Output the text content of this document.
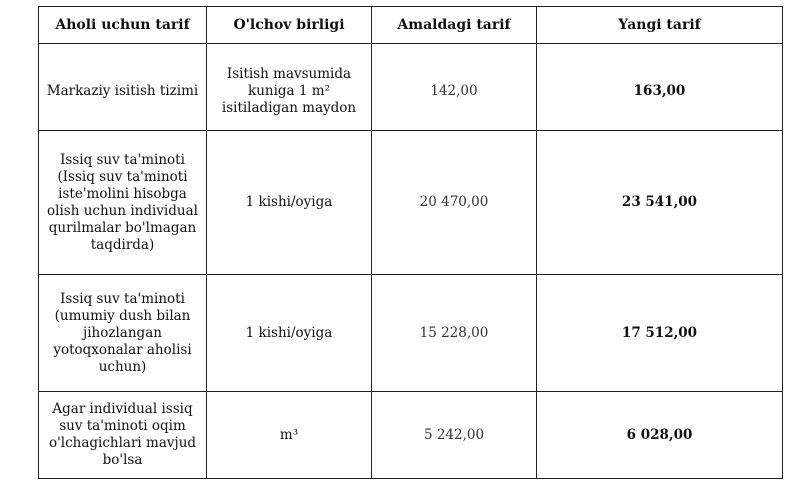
Aholi uchun tarif	O'lchov birligi	Amaldagi tarif	Yangi tarif
Markaziy isitish tizimi	Isitish mavsumida kuniga 1 m² isitiladigan maydon	142,00	163,00
Issiq suv ta'minoti (Issiq suv ta'minoti iste'molini hisobga olish uchun individual qurilmalar bo'lmagan taqdirda)	1 kishi/oyiga	20 470,00	23 541,00
Issiq suv ta'minoti (umumiy dush bilan jihozlangan yotoqxonalar aholisi uchun)	1 kishi/oyiga	15 228,00	17 512,00
Agar individual issiq suv ta'minoti oqim o'lchagichlari mavjud bo'lsa	m³	5 242,00	6 028,00
